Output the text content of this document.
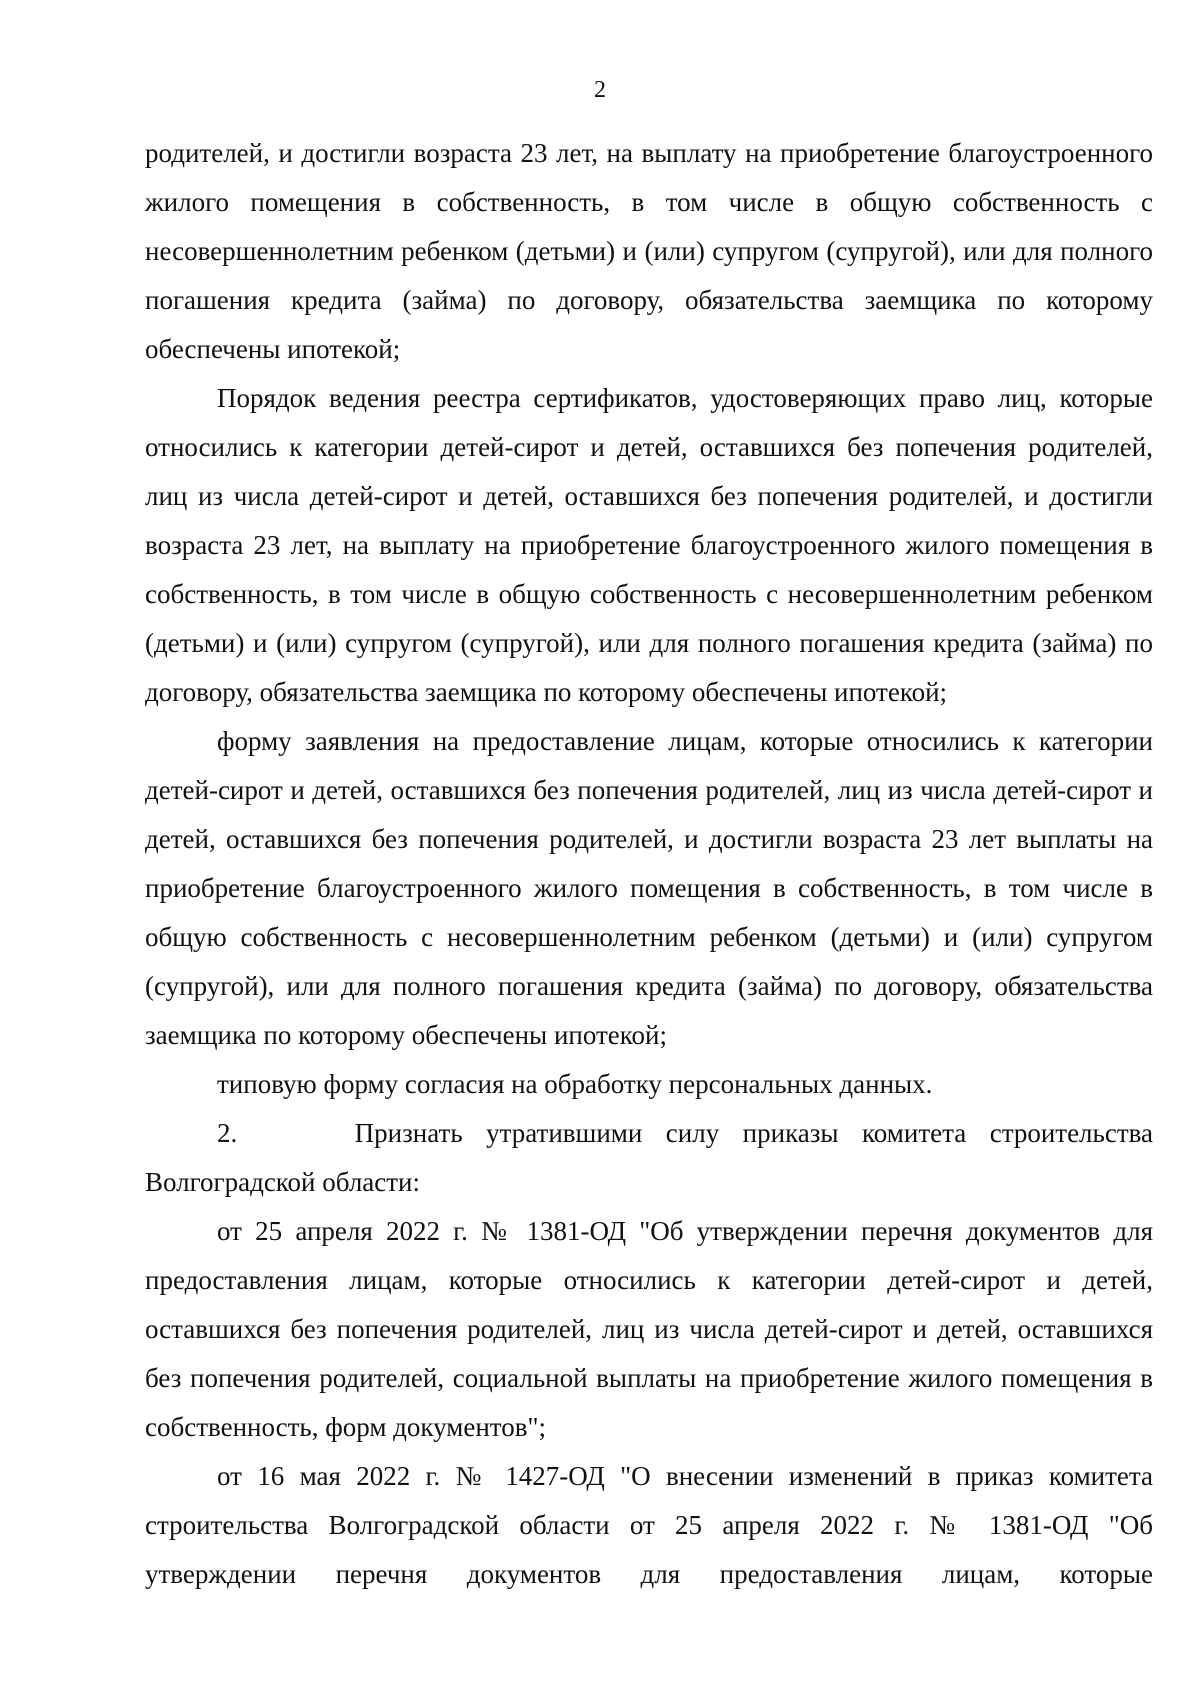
2

родителей, и достигли возраста 23 лет, на выплату на приобретение благоустроенного жилого помещения в собственность, в том числе в общую собственность с несовершеннолетним ребенком (детьми) и (или) супругом (супругой), или для полного погашения кредита (займа) по договору, обязательства заемщика по которому обеспечены ипотекой;

Порядок ведения реестра сертификатов, удостоверяющих право лиц, которые относились к категории детей-сирот и детей, оставшихся без попечения родителей, лиц из числа детей-сирот и детей, оставшихся без попечения родителей, и достигли возраста 23 лет, на выплату на приобретение благоустроенного жилого помещения в собственность, в том числе в общую собственность с несовершеннолетним ребенком (детьми) и (или) супругом (супругой), или для полного погашения кредита (займа) по договору, обязательства заемщика по которому обеспечены ипотекой;

форму заявления на предоставление лицам, которые относились к категории детей-сирот и детей, оставшихся без попечения родителей, лиц из числа детей-сирот и детей, оставшихся без попечения родителей, и достигли возраста 23 лет выплаты на приобретение благоустроенного жилого помещения в собственность, в том числе в общую собственность с несовершеннолетним ребенком (детьми) и (или) супругом (супругой), или для полного погашения кредита (займа) по договору, обязательства заемщика по которому обеспечены ипотекой;

типовую форму согласия на обработку персональных данных.

2.     Признать утратившими силу приказы комитета строительства Волгоградской области:

от 25 апреля 2022 г. № 1381-ОД "Об утверждении перечня документов для предоставления лицам, которые относились к категории детей-сирот и детей, оставшихся без попечения родителей, лиц из числа детей-сирот и детей, оставшихся без попечения родителей, социальной выплаты на приобретение жилого помещения в собственность, форм документов";

от 16 мая 2022 г. № 1427-ОД "О внесении изменений в приказ комитета строительства Волгоградской области от 25 апреля 2022 г. № 1381-ОД "Об утверждении перечня документов для предоставления лицам, которые
